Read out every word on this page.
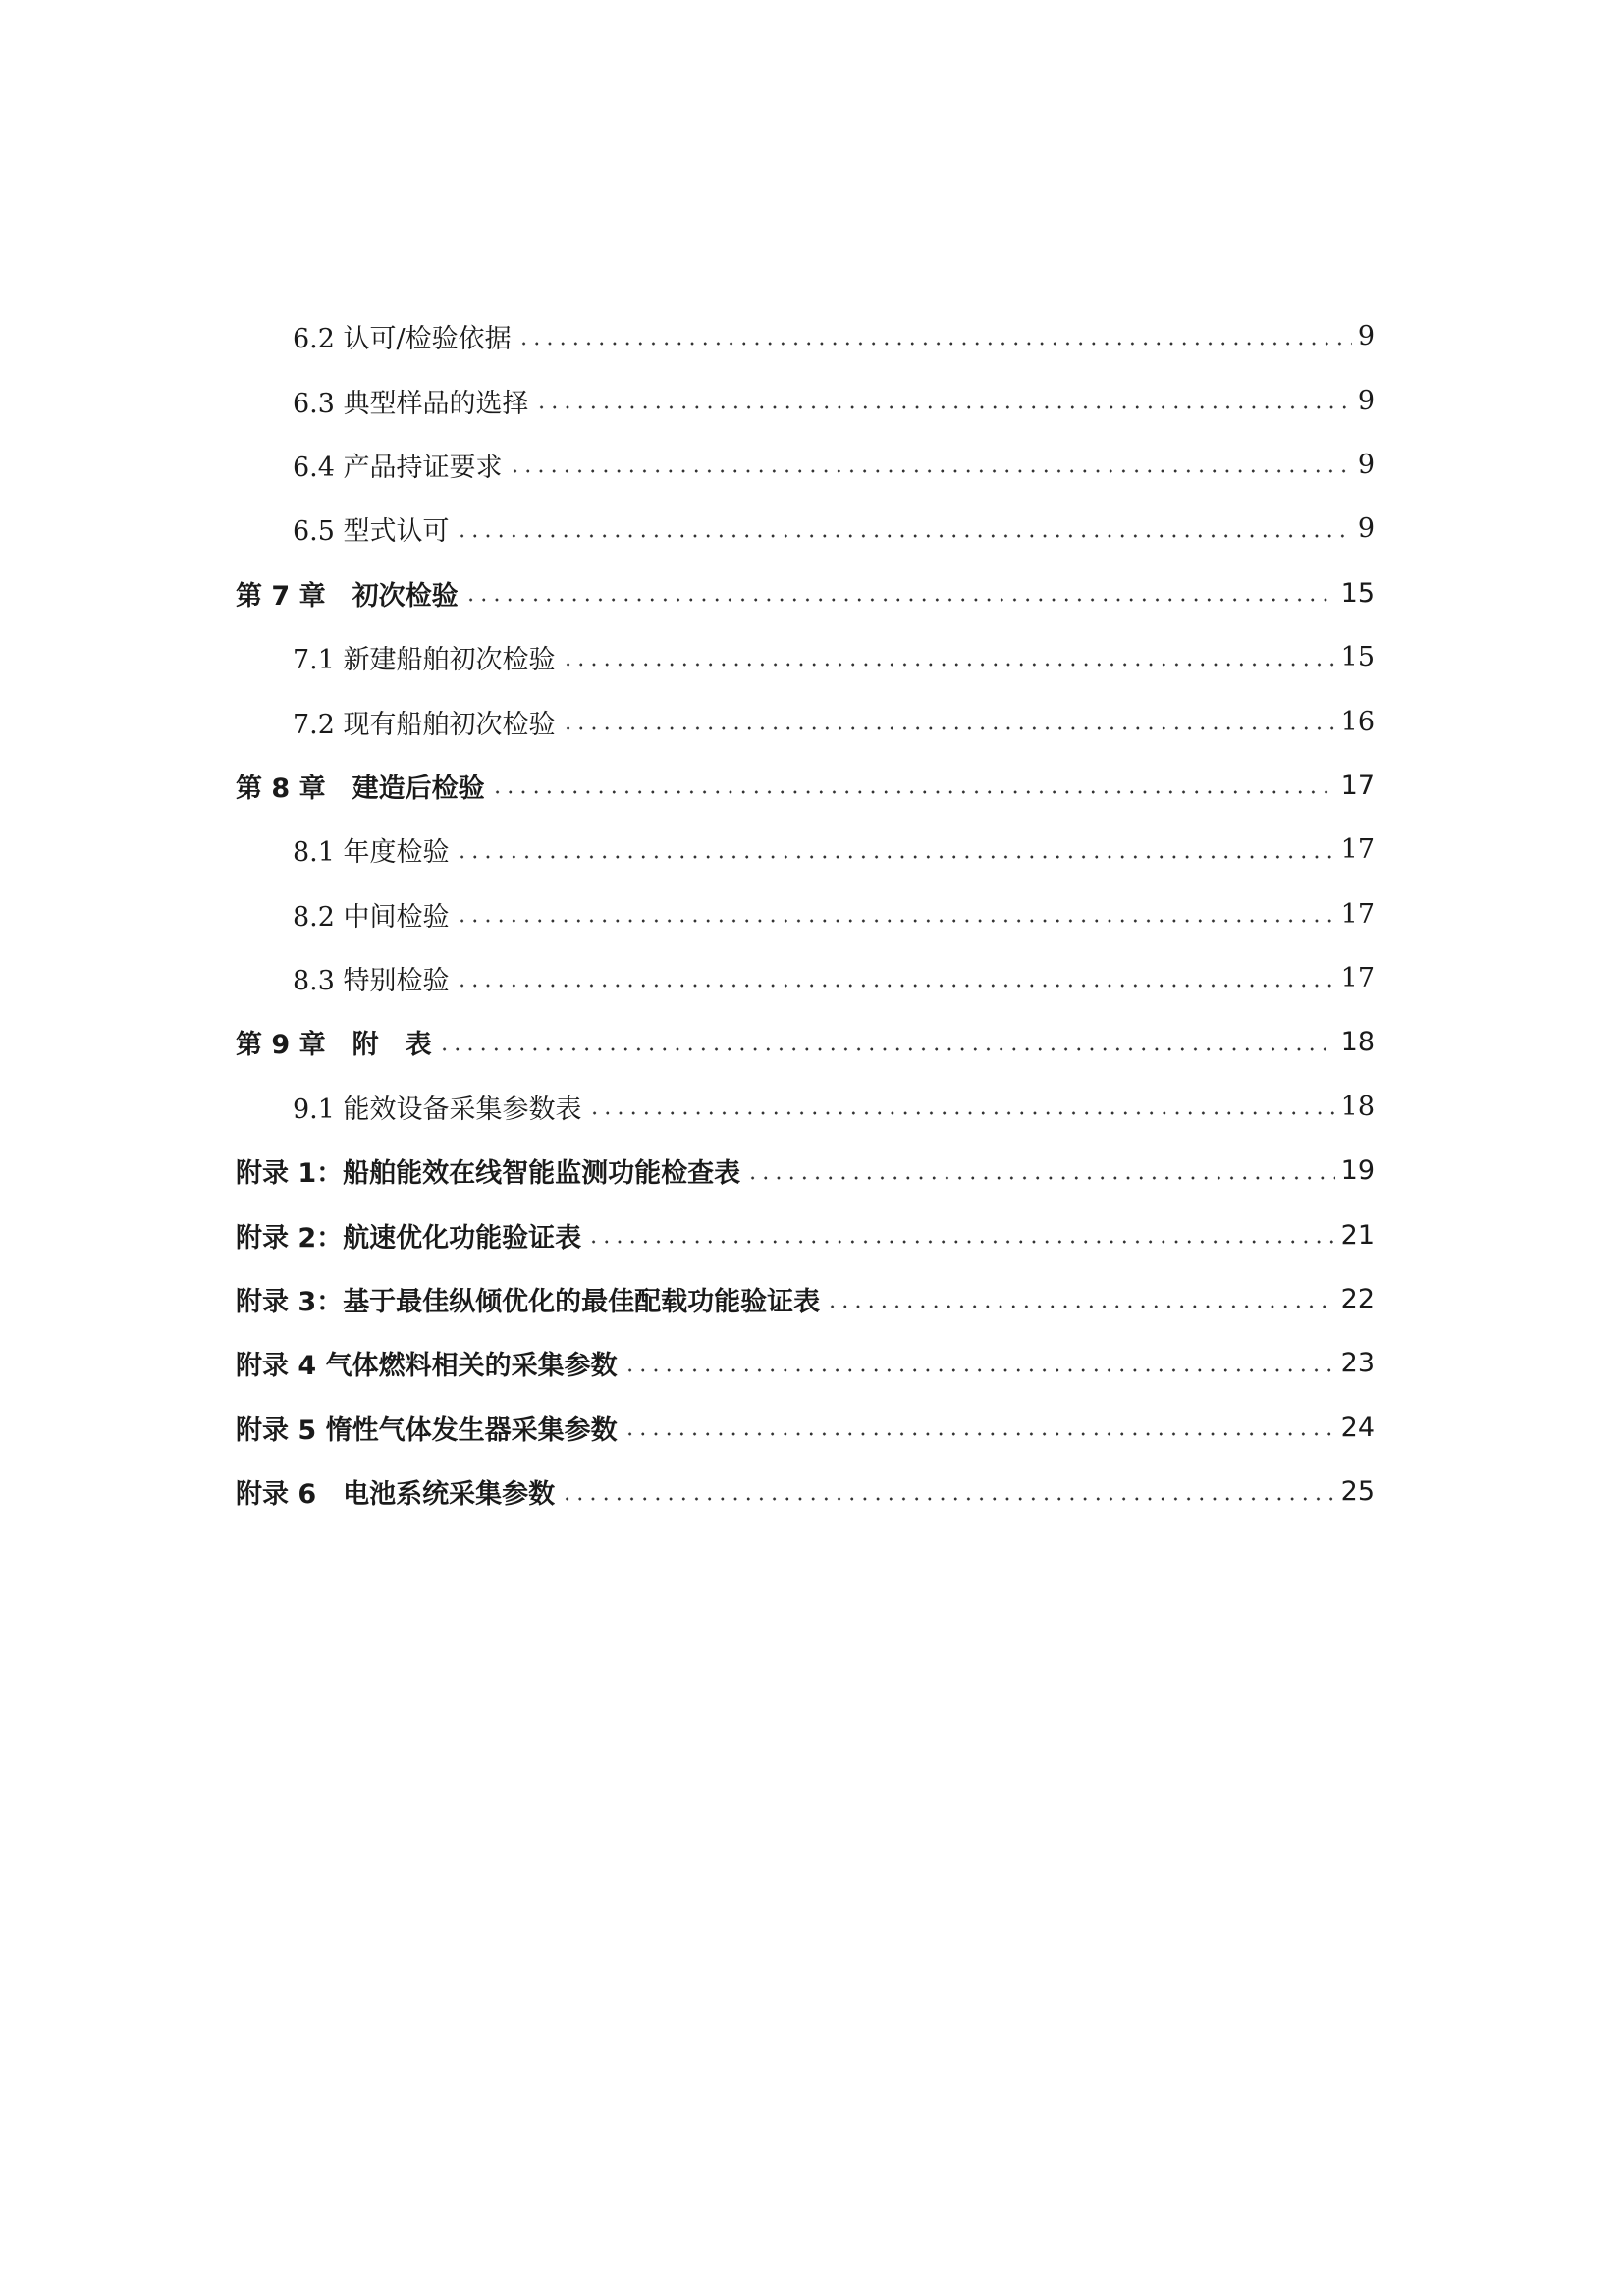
6.2 认可/检验依据	9
6.3 典型样品的选择	9
6.4 产品持证要求	9
6.5 型式认可	9
第 7 章　初次检验	15
7.1 新建船舶初次检验	15
7.2 现有船舶初次检验	16
第 8 章　建造后检验	17
8.1 年度检验	17
8.2 中间检验	17
8.3 特别检验	17
第 9 章　附　表	18
9.1 能效设备采集参数表	18
附录 1：船舶能效在线智能监测功能检查表	19
附录 2：航速优化功能验证表	21
附录 3：基于最佳纵倾优化的最佳配载功能验证表	22
附录 4 气体燃料相关的采集参数	23
附录 5 惰性气体发生器采集参数	24
附录 6　电池系统采集参数	25
